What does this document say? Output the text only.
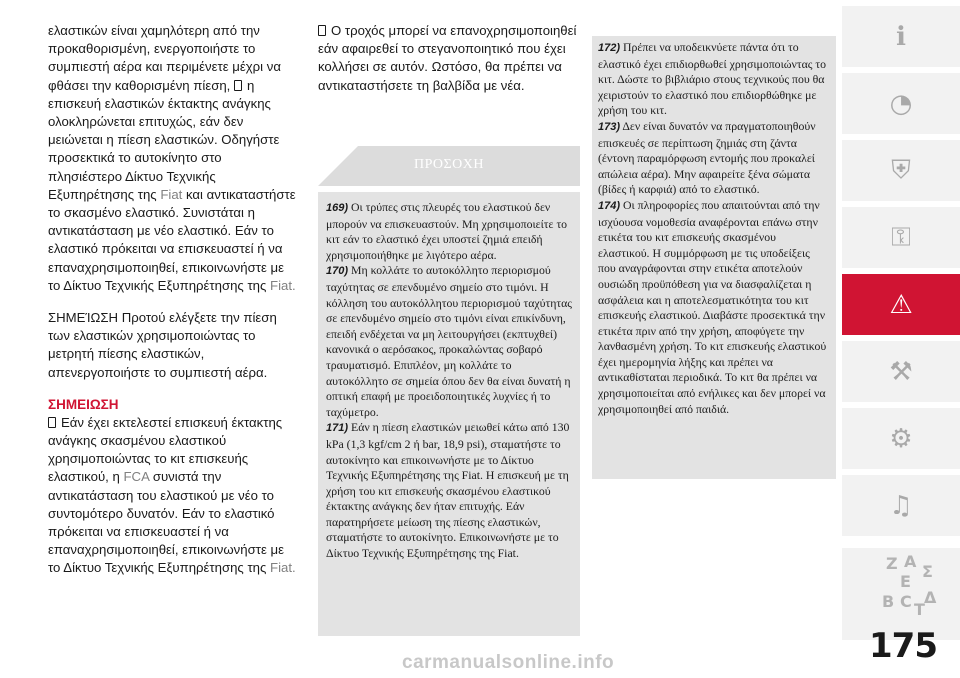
ελαστικών είναι χαμηλότερη από την προκαθορισμένη, ενεργοποιήστε το συμπιεστή αέρα και περιμένετε μέχρι να φθάσει την καθορισμένη πίεση, η επισκευή ελαστικών έκτακτης ανάγκης ολοκληρώνεται επιτυχώς, εάν δεν μειώνεται η πίεση ελαστικών. Οδηγήστε προσεκτικά το αυτοκίνητο στο πλησιέστερο Δίκτυο Τεχνικής Εξυπηρέτησης της Fiat και αντικαταστήστε το σκασμένο ελαστικό. Συνιστάται η αντικατάσταση με νέο ελαστικό. Εάν το ελαστικό πρόκειται να επισκευαστεί ή να επαναχρησιμοποιηθεί, επικοινωνήστε με το Δίκτυο Τεχνικής Εξυπηρέτησης της Fiat.

ΣΗΜΕΊΩΣΗ Προτού ελέγξετε την πίεση των ελαστικών χρησιμοποιώντας το μετρητή πίεσης ελαστικών, απενεργοποιήστε το συμπιεστή αέρα.

ΣΗΜΕΙΩΣΗ

Εάν έχει εκτελεστεί επισκευή έκτακτης ανάγκης σκασμένου ελαστικού χρησιμοποιώντας το κιτ επισκευής ελαστικού, η FCA συνιστά την αντικατάσταση του ελαστικού με νέο το συντομότερο δυνατόν. Εάν το ελαστικό πρόκειται να επισκευαστεί ή να επαναχρησιμοποιηθεί, επικοινωνήστε με το Δίκτυο Τεχνικής Εξυπηρέτησης της Fiat.

Ο τροχός μπορεί να επανοχρησιμοποιηθεί εάν αφαιρεθεί το στεγανοποιητικό που έχει κολλήσει σε αυτόν. Ωστόσο, θα πρέπει να αντικαταστήσετε τη βαλβίδα με νέα.

ΠΡΟΣΟΧΗ

169) Οι τρύπες στις πλευρές του ελαστικού δεν μπορούν να επισκευαστούν. Μη χρησιμοποιείτε το κιτ εάν το ελαστικό έχει υποστεί ζημιά επειδή χρησιμοποιήθηκε με λιγότερο αέρα.

170) Μη κολλάτε το αυτοκόλλητο περιορισμού ταχύτητας σε επενδυμένο σημείο στο τιμόνι. Η κόλληση του αυτοκόλλητου περιορισμού ταχύτητας σε επενδυμένο σημείο στο τιμόνι είναι επικίνδυνη, επειδή ενδέχεται να μη λειτουργήσει (εκπτυχθεί) κανονικά ο αερόσακος, προκαλώντας σοβαρό τραυματισμό. Επιπλέον, μη κολλάτε το αυτοκόλλητο σε σημεία όπου δεν θα είναι δυνατή η οπτική επαφή με προειδοποιητικές λυχνίες ή το ταχύμετρο.

171) Εάν η πίεση ελαστικών μειωθεί κάτω από 130 kPa (1,3 kgf/cm 2 ή bar, 18,9 psi), σταματήστε το αυτοκίνητο και επικοινωνήστε με το Δίκτυο Τεχνικής Εξυπηρέτησης της Fiat. Η επισκευή με τη χρήση του κιτ επισκευής σκασμένου ελαστικού έκτακτης ανάγκης δεν ήταν επιτυχής. Εάν παρατηρήσετε μείωση της πίεσης ελαστικών, σταματήστε το αυτοκίνητο. Επικοινωνήστε με το Δίκτυο Τεχνικής Εξυπηρέτησης της Fiat.

172) Πρέπει να υποδεικνύετε πάντα ότι το ελαστικό έχει επιδιορθωθεί χρησιμοποιώντας το κιτ. Δώστε το βιβλιάριο στους τεχνικούς που θα χειριστούν το ελαστικό που επιδιορθώθηκε με χρήση του κιτ.

173) Δεν είναι δυνατόν να πραγματοποιηθούν επισκευές σε περίπτωση ζημιάς στη ζάντα (έντονη παραμόρφωση εντομής που προκαλεί απώλεια αέρα). Μην αφαιρείτε ξένα σώματα (βίδες ή καρφιά) από το ελαστικό.

174) Οι πληροφορίες που απαιτούνται από την ισχύουσα νομοθεσία αναφέρονται επάνω στην ετικέτα του κιτ επισκευής σκασμένου ελαστικού. Η συμμόρφωση με τις υποδείξεις που αναγράφονται στην ετικέτα αποτελούν ουσιώδη προϋπόθεση για να διασφαλίζεται η ασφάλεια και η αποτελεσματικότητα του κιτ επισκευής ελαστικού. Διαβάστε προσεκτικά την ετικέτα πριν από την χρήση, αποφύγετε την λανθασμένη χρήση. Το κιτ επισκευής ελαστικού έχει ημερομηνία λήξης και πρέπει να αντικαθίσταται περιοδικά. Το κιτ θα πρέπει να χρησιμοποιείται από ενήλικες και δεν μπορεί να χρησιμοποιηθεί από παιδιά.

ℹ
◔
⛨
⚿
⚠
⚒
⚙
♫
Z
E
B
A
C T
Δ
Σ
175
carmanualsonline.info
